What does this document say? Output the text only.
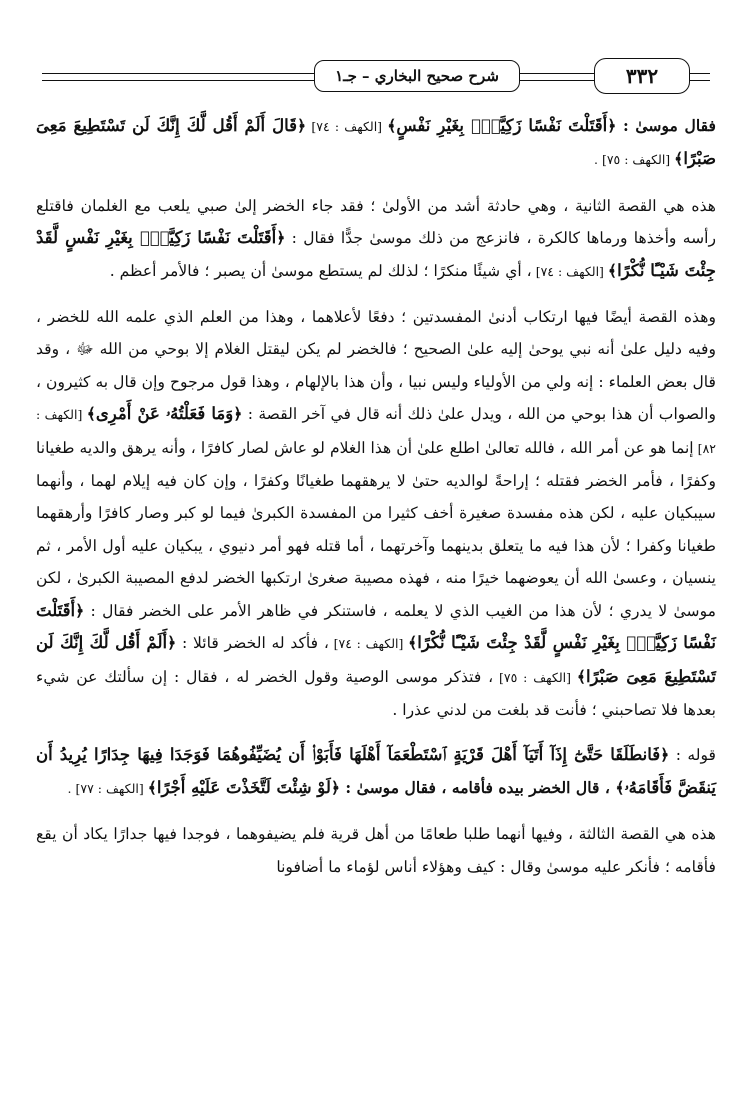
٣٣٢
شرح صحيح البخاري – جـ١

فقال موسىٰ : ﴿أَقَتَلْتَ نَفْسًا زَكِيَّةًۢ بِغَيْرِ نَفْسٍ﴾ [الكهف : ٧٤] ﴿قَالَ أَلَمْ أَقُل لَّكَ إِنَّكَ لَن تَسْتَطِيعَ مَعِىَ صَبْرًا﴾ [الكهف : ٧٥] .

هذه هي القصة الثانية ، وهي حادثة أشد من الأولىٰ ؛ فقد جاء الخضر إلىٰ صبي يلعب مع الغلمان فاقتلع رأسه وأخذها ورماها كالكرة ، فانزعج من ذلك موسىٰ جدًّا فقال : ﴿أَقَتَلْتَ نَفْسًا زَكِيَّةًۢ بِغَيْرِ نَفْسٍ لَّقَدْ جِئْتَ شَيْـًٔا نُّكْرًا﴾ [الكهف : ٧٤] ، أي شيئًا منكرًا ؛ لذلك لم يستطع موسىٰ أن يصبر ؛ فالأمر أعظم .

وهذه القصة أيضًا فيها ارتكاب أدنىٰ المفسدتين ؛ دفعًا لأعلاهما ، وهذا من العلم الذي علمه الله للخضر ، وفيه دليل علىٰ أنه نبي يوحىٰ إليه علىٰ الصحيح ؛ فالخضر لم يكن ليقتل الغلام إلا بوحي من الله ﷻ ، وقد قال بعض العلماء : إنه ولي من الأولياء وليس نبيا ، وأن هذا بالإلهام ، وهذا قول مرجوح وإن قال به كثيرون ، والصواب أن هذا بوحي من الله ، ويدل علىٰ ذلك أنه قال في آخر القصة : ﴿وَمَا فَعَلْتُهُۥ عَنْ أَمْرِى﴾ [الكهف : ٨٢] إنما هو عن أمر الله ، فالله تعالىٰ اطلع علىٰ أن هذا الغلام لو عاش لصار كافرًا ، وأنه يرهق والديه طغيانا وكفرًا ، فأمر الخضر فقتله ؛ إراحةً لوالديه حتىٰ لا يرهقهما طغيانًا وكفرًا ، وإن كان فيه إيلام لهما ، وأنهما سيبكيان عليه ، لكن هذه مفسدة صغيرة أخف كثيرا من المفسدة الكبرىٰ فيما لو كبر وصار كافرًا وأرهقهما طغيانا وكفرا ؛ لأن هذا فيه ما يتعلق بدينهما وآخرتهما ، أما قتله فهو أمر دنيوي ، يبكيان عليه أول الأمر ، ثم ينسيان ، وعسىٰ الله أن يعوضهما خيرًا منه ، فهذه مصيبة صغرىٰ ارتكبها الخضر لدفع المصيبة الكبرىٰ ، لكن موسىٰ لا يدري ؛ لأن هذا من الغيب الذي لا يعلمه ، فاستنكر في ظاهر الأمر على الخضر فقال : ﴿أَقَتَلْتَ نَفْسًا زَكِيَّةًۢ بِغَيْرِ نَفْسٍ لَّقَدْ جِئْتَ شَيْـًٔا نُّكْرًا﴾ [الكهف : ٧٤] ، فأكد له الخضر قائلا : ﴿أَلَمْ أَقُل لَّكَ إِنَّكَ لَن تَسْتَطِيعَ مَعِىَ صَبْرًا﴾ [الكهف : ٧٥] ، فتذكر موسى الوصية وقول الخضر له ، فقال : إن سألتك عن شيء بعدها فلا تصاحبني ؛ فأنت قد بلغت من لدني عذرا .

قوله : ﴿فَانطَلَقَا حَتَّىٰٓ إِذَآ أَتَيَآ أَهْلَ قَرْيَةٍ ٱسْتَطْعَمَآ أَهْلَهَا فَأَبَوْا۟ أَن يُضَيِّفُوهُمَا فَوَجَدَا فِيهَا جِدَارًا يُرِيدُ أَن يَنقَضَّ فَأَقَامَهُۥ﴾ ، قال الخضر بيده فأقامه ، فقال موسىٰ : ﴿لَوْ شِئْتَ لَتَّخَذْتَ عَلَيْهِ أَجْرًا﴾ [الكهف : ٧٧] .

هذه هي القصة الثالثة ، وفيها أنهما طلبا طعامًا من أهل قرية فلم يضيفوهما ، فوجدا فيها جدارًا يكاد أن يقع فأقامه ؛ فأنكر عليه موسىٰ وقال : كيف وهؤلاء أناس لؤماء ما أضافونا
